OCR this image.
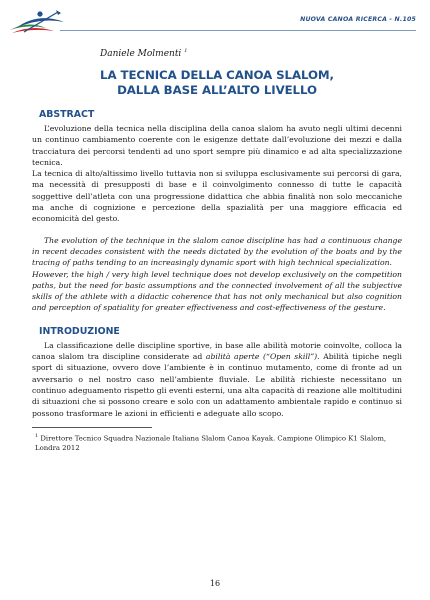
NUOVA CANOA RICERCA - N.105
Daniele Molmenti $^1$
LA TECNICA DELLA CANOA SLALOM,
DALLA BASE ALL’ALTO LIVELLO
ABSTRACT

L’evoluzione della tecnica nella disciplina della canoa slalom ha avuto negli ultimi decenni un continuo cambiamento coerente con le esigenze dettate dall’evoluzione dei mezzi e dalla tracciatura dei percorsi tendenti ad uno sport sempre più dinamico e ad alta specializzazione tecnica.

La tecnica di alto/altissimo livello tuttavia non si sviluppa esclusivamente sui percorsi di gara, ma necessità di presupposti di base e il coinvolgimento connesso di tutte le capacità soggettive dell’atleta con una progressione didattica che abbia finalità non solo meccaniche ma anche di cognizione e percezione della spazialità per una maggiore efficacia ed economicità del gesto.

The evolution of the technique in the slalom canoe discipline has had a continuous change in recent decades consistent with the needs dictated by the evolution of the boats and by the tracing of paths tending to an increasingly dynamic sport with high technical specialization.

However, the high / very high level technique does not develop exclusively on the competition paths, but the need for basic assumptions and the connected involvement of all the subjective skills of the athlete with a didactic coherence that has not only mechanical but also cognition and perception of spatiality for greater effectiveness and cost-effectiveness of the gesture.

INTRODUZIONE

La classificazione delle discipline sportive, in base alle abilità motorie coinvolte, colloca la canoa slalom tra discipline considerate ad abilità aperte (“Open skill”). Abilità tipiche negli sport di situazione, ovvero dove l’ambiente è in continuo mutamento, come di fronte ad un avversario o nel nostro caso nell’ambiente fluviale. Le abilità richieste necessitano un continuo adeguamento rispetto gli eventi esterni, una alta capacità di reazione alle moltitudini di situazioni che si possono creare e solo con un adattamento ambientale rapido e continuo si possono trasformare le azioni in efficienti e adeguate allo scopo.

$^1$ Direttore Tecnico Squadra Nazionale Italiana Slalom Canoa Kayak. Campione Olimpico K1 Slalom, Londra 2012

16
